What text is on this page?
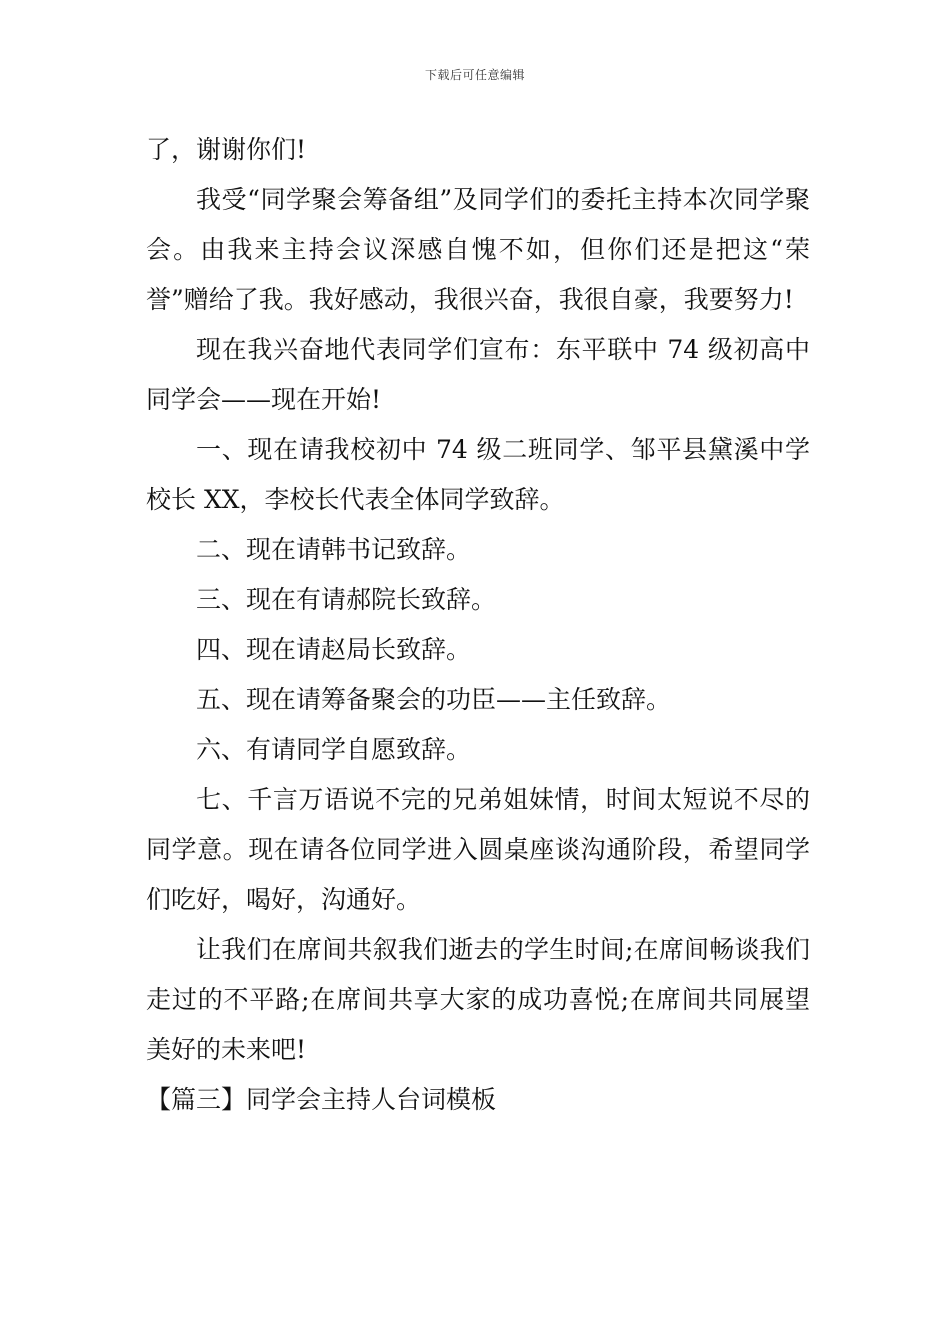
下载后可任意编辑

了，谢谢你们!

我受“同学聚会筹备组”及同学们的委托主持本次同学聚会。由我来主持会议深感自愧不如，但你们还是把这“荣誉”赠给了我。我好感动，我很兴奋，我很自豪，我要努力!

现在我兴奋地代表同学们宣布：东平联中 74 级初高中同学会——现在开始!

一、现在请我校初中 74 级二班同学、邹平县黛溪中学校长 XX，李校长代表全体同学致辞。

二、现在请韩书记致辞。

三、现在有请郝院长致辞。

四、现在请赵局长致辞。

五、现在请筹备聚会的功臣——主任致辞。

六、有请同学自愿致辞。

七、千言万语说不完的兄弟姐妹情，时间太短说不尽的同学意。现在请各位同学进入圆桌座谈沟通阶段，希望同学们吃好，喝好，沟通好。

让我们在席间共叙我们逝去的学生时间;在席间畅谈我们走过的不平路;在席间共享大家的成功喜悦;在席间共同展望美好的未来吧!

【篇三】同学会主持人台词模板
